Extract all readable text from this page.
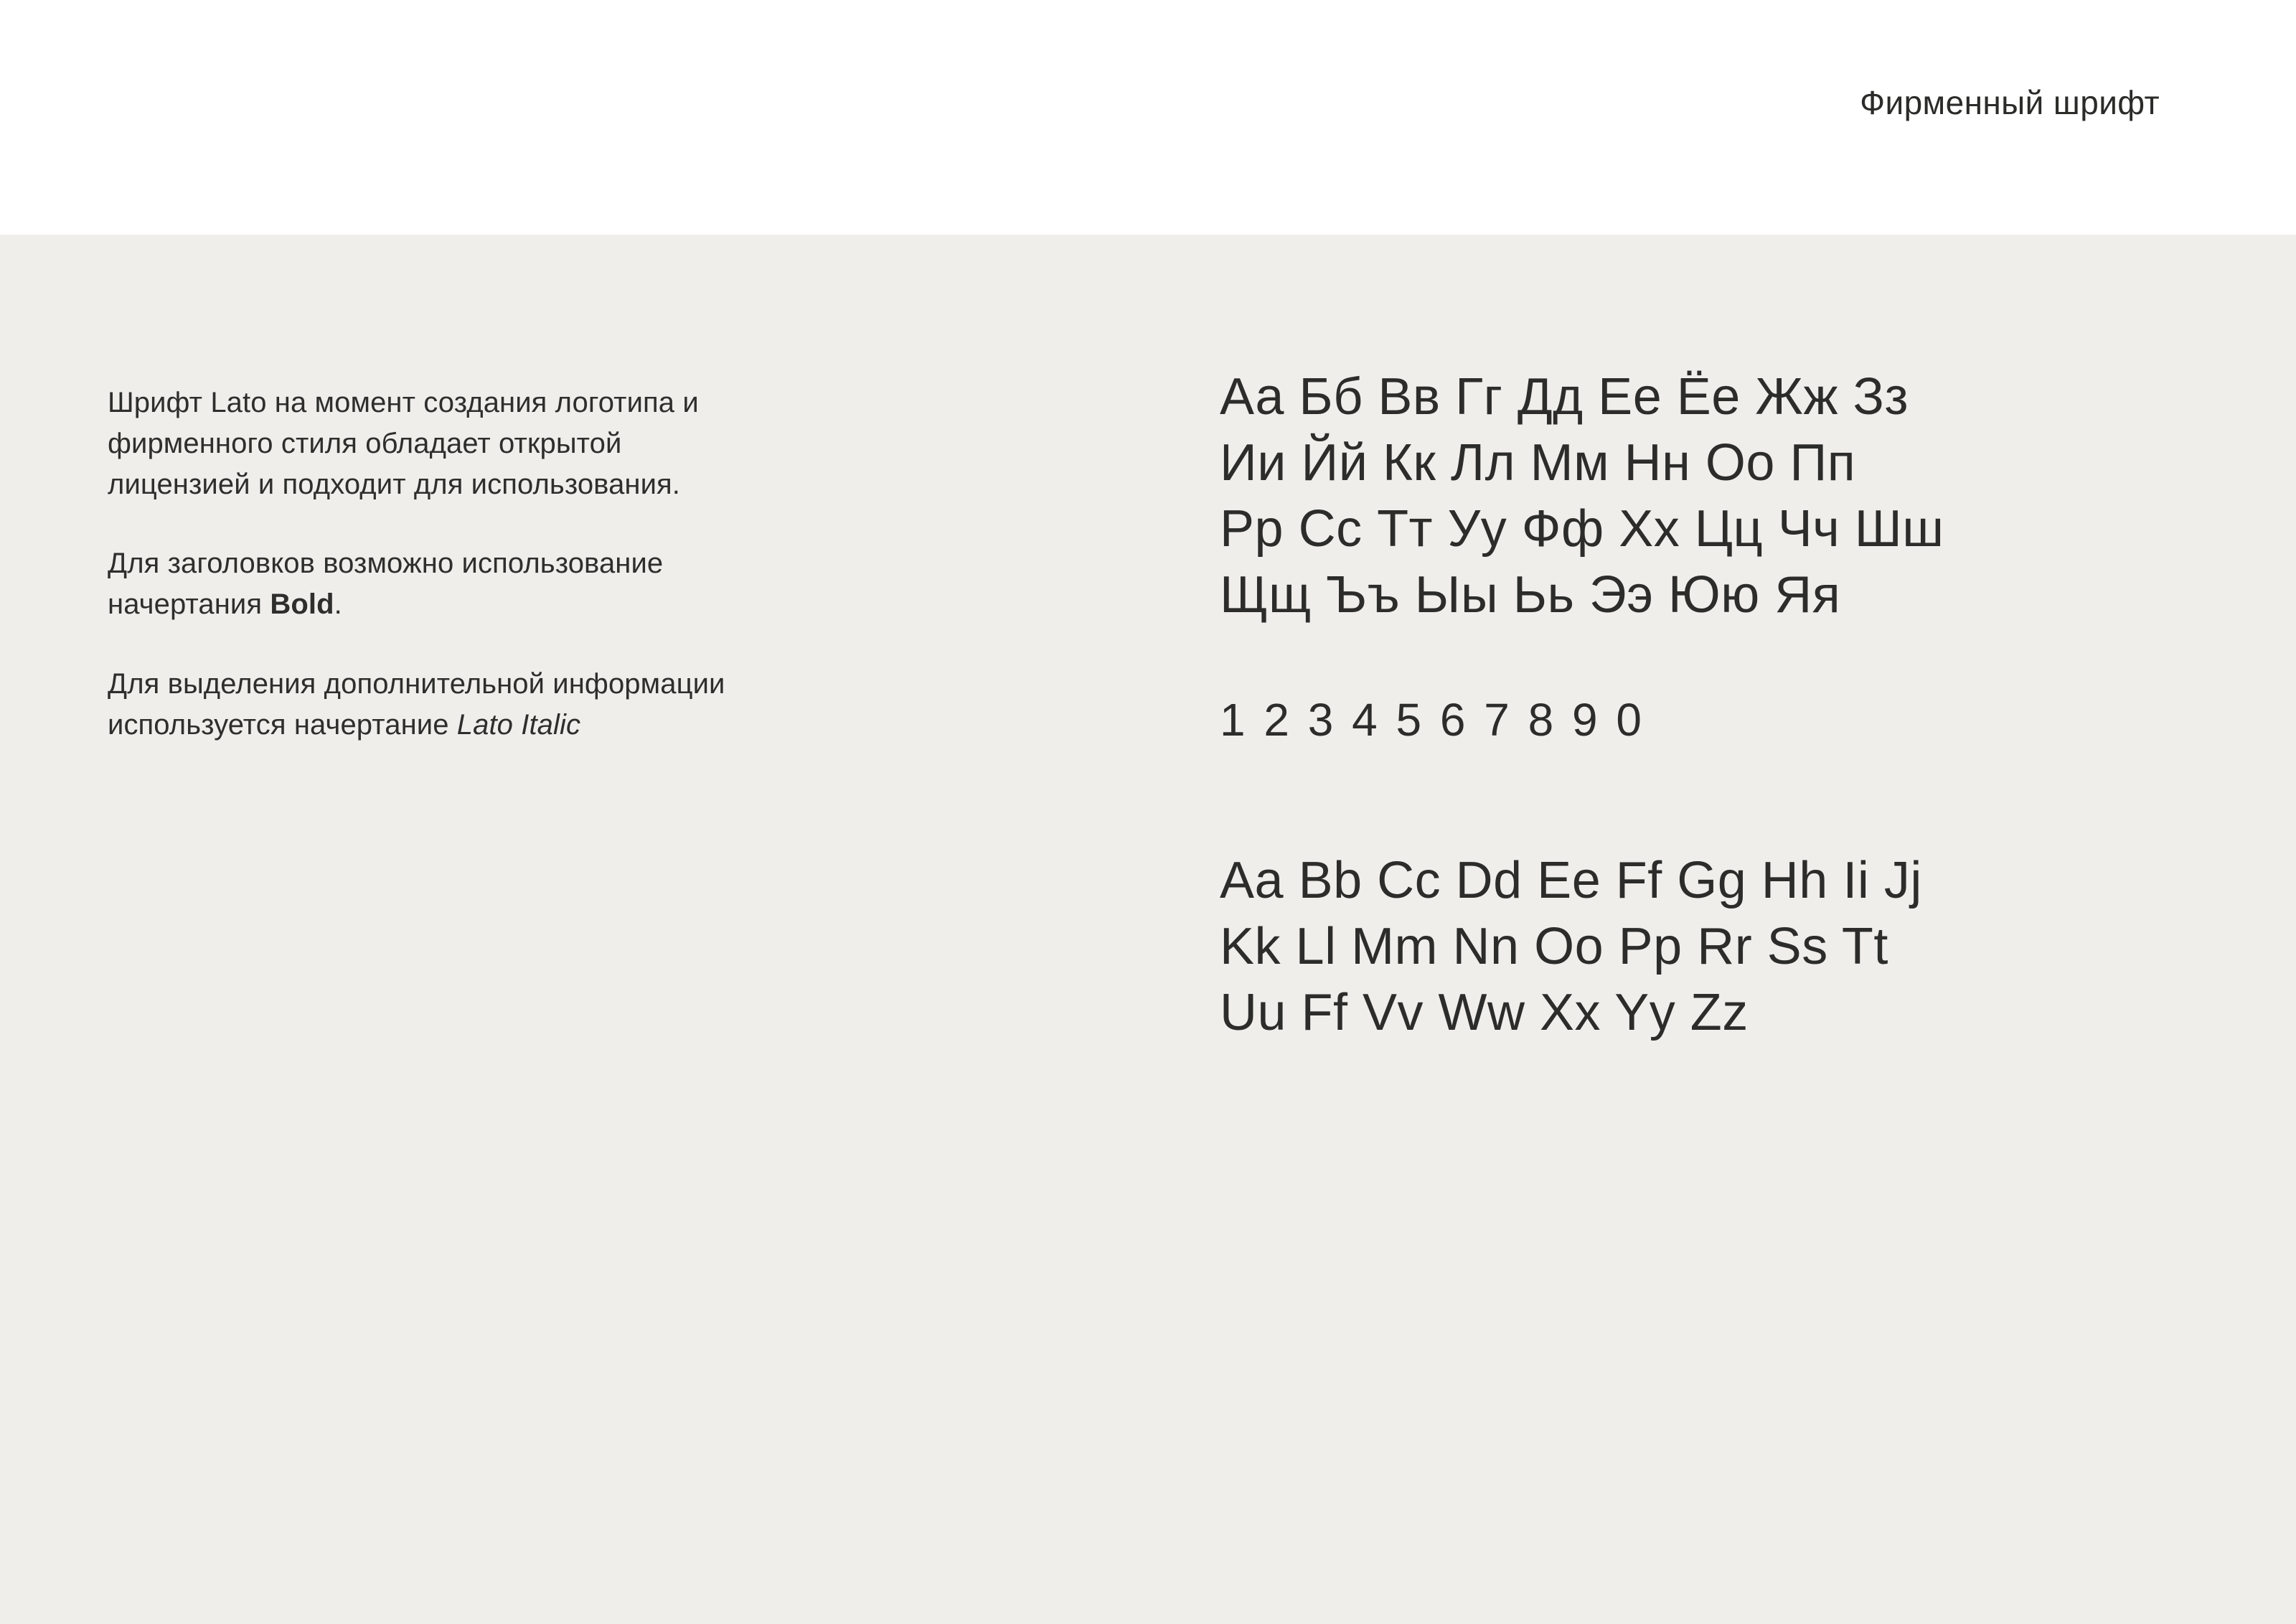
Фирменный шрифт

Шрифт Lato на момент создания логотипа и фирменного стиля обладает открытой лицензией и подходит для использования.

Для заголовков возможно использование начертания Bold.

Для выделения дополнительной информации используется начертание Lato Italic

Аа Бб Вв Гг Дд Ее Ёе Жж Зз
Ии Йй Кк Лл Мм Нн Оо Пп
Рр Сс Тт Уу Фф Хх Цц Чч Шш
Щщ Ъъ Ыы Ьь Ээ Юю Яя
1 2 3 4 5 6 7 8 9 0
Aa Bb Cc Dd Ee Ff Gg Hh Ii Jj
Kk Ll Mm Nn Oo Pp Rr Ss Tt
Uu Ff Vv Ww Xx Yy Zz
